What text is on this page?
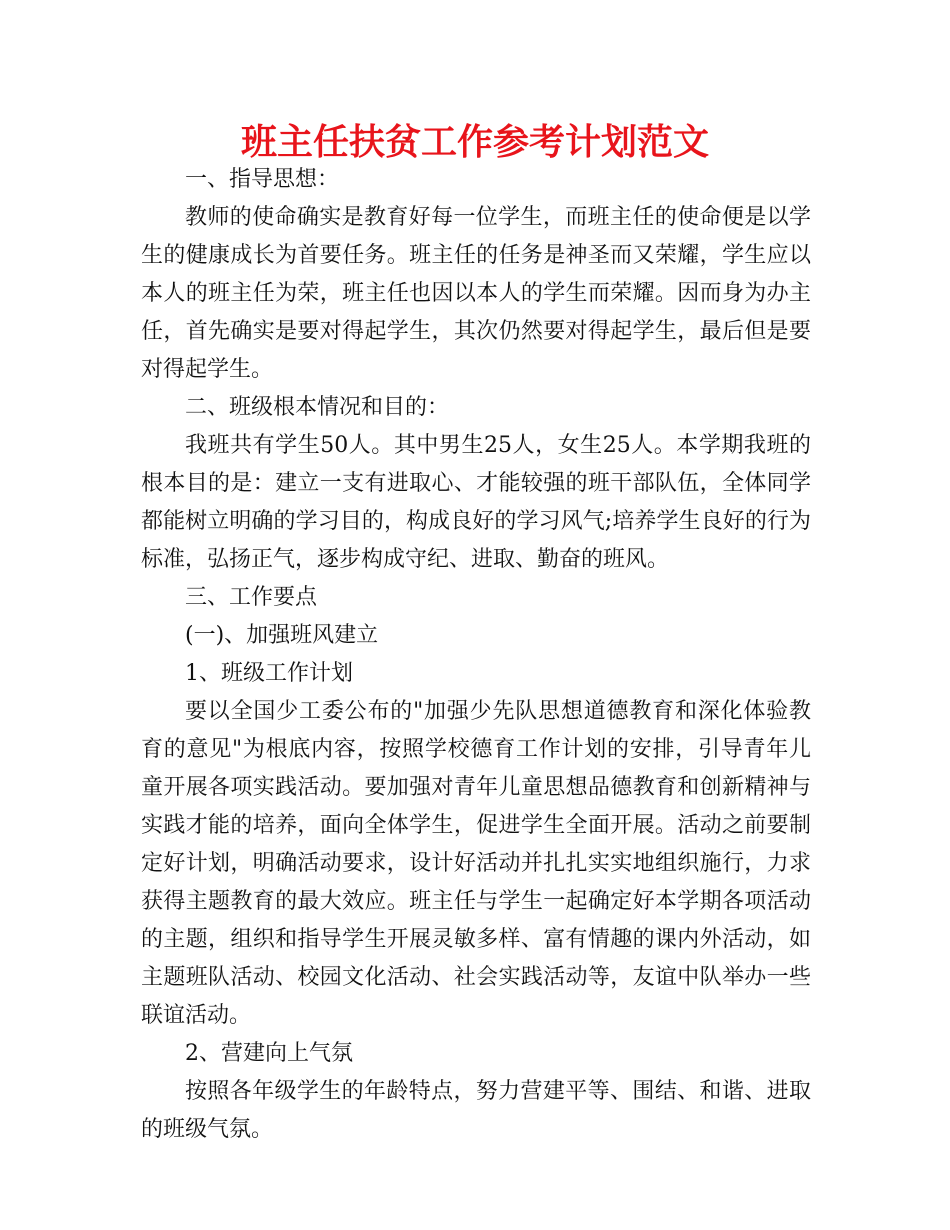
班主任扶贫工作参考计划范文

一、指导思想：

教师的使命确实是教育好每一位学生，而班主任的使命便是以学生的健康成长为首要任务。班主任的任务是神圣而又荣耀，学生应以本人的班主任为荣，班主任也因以本人的学生而荣耀。因而身为办主任，首先确实是要对得起学生，其次仍然要对得起学生，最后但是要对得起学生。

二、班级根本情况和目的：

我班共有学生50人。其中男生25人，女生25人。本学期我班的根本目的是：建立一支有进取心、才能较强的班干部队伍，全体同学都能树立明确的学习目的，构成良好的学习风气;培养学生良好的行为标准，弘扬正气，逐步构成守纪、进取、勤奋的班风。

三、工作要点

(一)、加强班风建立

1、班级工作计划

要以全国少工委公布的"加强少先队思想道德教育和深化体验教育的意见"为根底内容，按照学校德育工作计划的安排，引导青年儿童开展各项实践活动。要加强对青年儿童思想品德教育和创新精神与实践才能的培养，面向全体学生，促进学生全面开展。活动之前要制定好计划，明确活动要求，设计好活动并扎扎实实地组织施行，力求获得主题教育的最大效应。班主任与学生一起确定好本学期各项活动的主题，组织和指导学生开展灵敏多样、富有情趣的课内外活动，如主题班队活动、校园文化活动、社会实践活动等，友谊中队举办一些联谊活动。

2、营建向上气氛

按照各年级学生的年龄特点，努力营建平等、围结、和谐、进取的班级气氛。
